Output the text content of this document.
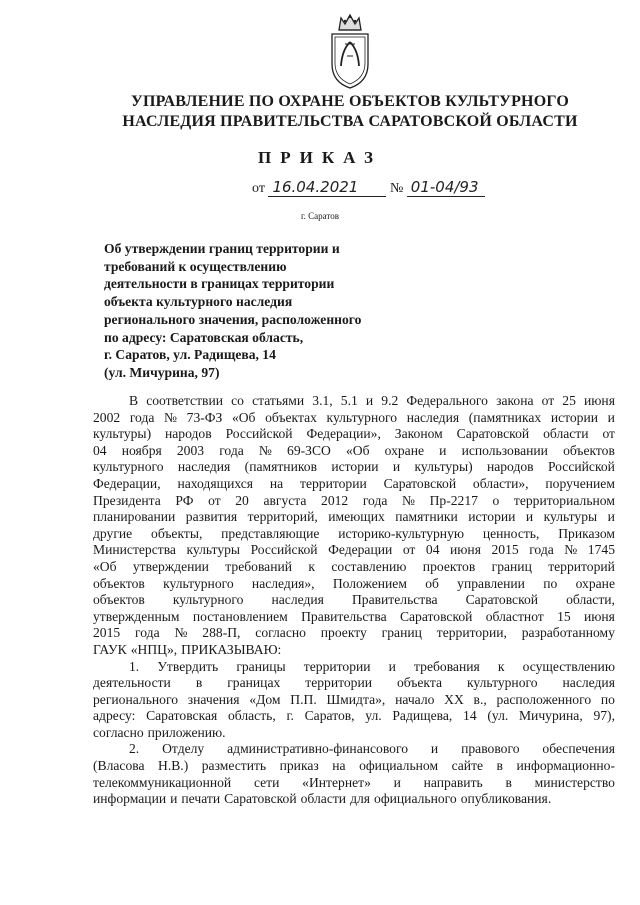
УПРАВЛЕНИЕ ПО ОХРАНЕ ОБЪЕКТОВ КУЛЬТУРНОГО
НАСЛЕДИЯ ПРАВИТЕЛЬСТВА САРАТОВСКОЙ ОБЛАСТИ
ПРИКАЗ
от 16.04.2021 № 01-04/93
г. Саратов
Об утверждении границ территории и
требований к осуществлению
деятельности в границах территории
объекта культурного наследия
регионального значения, расположенного
по адресу: Саратовская область,
г. Саратов, ул. Радищева, 14
(ул. Мичурина, 97)
В соответствии со статьями 3.1, 5.1 и 9.2 Федерального закона от 25 июня
2002 года № 73-ФЗ «Об объектах культурного наследия (памятниках истории и
культуры) народов Российской Федерации», Законом Саратовской области от
04 ноября 2003 года № 69-ЗСО «Об охране и использовании объектов
культурного наследия (памятников истории и культуры) народов Российской
Федерации, находящихся на территории Саратовской области», поручением
Президента РФ от 20 августа 2012 года № Пр-2217 о территориальном
планировании развития территорий, имеющих памятники истории и культуры и
другие объекты, представляющие историко-культурную ценность, Приказом
Министерства культуры Российской Федерации от 04 июня 2015 года № 1745
«Об утверждении требований к составлению проектов границ территорий
объектов культурного наследия», Положением об управлении по охране
объектов культурного наследия Правительства Саратовской области,
утвержденным постановлением Правительства Саратовской областнот 15 июня
2015 года № 288-П, согласно проекту границ территории, разработанному
ГАУК «НПЦ», ПРИКАЗЫВАЮ:
1. Утвердить границы территории и требования к осуществлению
деятельности в границах территории объекта культурного наследия
регионального значения «Дом П.П. Шмидта», начало XX в., расположенного по
адресу: Саратовская область, г. Саратов, ул. Радищева, 14 (ул. Мичурина, 97),
согласно приложению.
2. Отделу административно-финансового и правового обеспечения
(Власова Н.В.) разместить приказ на официальном сайте в информационно-
телекоммуникационной сети «Интернет» и направить в министерство
информации и печати Саратовской области для официального опубликования.
